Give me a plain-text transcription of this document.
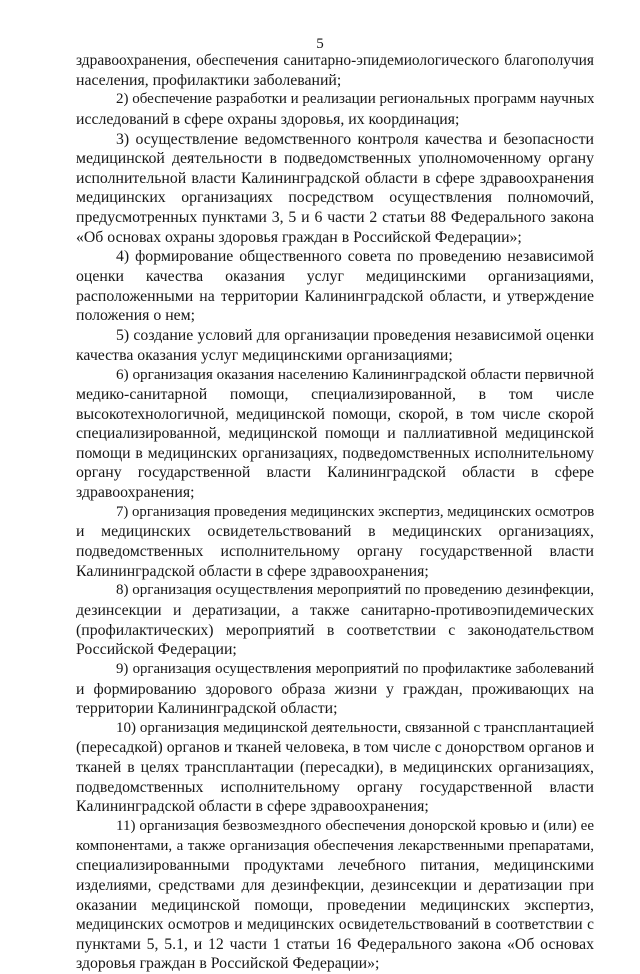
5
здравоохранения, обеспечения санитарно-эпидемиологического благополучия
населения, профилактики заболеваний;
2) обеспечение разработки и реализации региональных программ научных
исследований в сфере охраны здоровья, их координация;
3) осуществление ведомственного контроля качества и безопасности
медицинской деятельности в подведомственных уполномоченному органу
исполнительной власти Калининградской области в сфере здравоохранения
медицинских организациях посредством осуществления полномочий,
предусмотренных пунктами 3, 5 и 6 части 2 статьи 88 Федерального закона
«Об основах охраны здоровья граждан в Российской Федерации»;
4) формирование общественного совета по проведению независимой
оценки качества оказания услуг медицинскими организациями,
расположенными на территории Калининградской области, и утверждение
положения о нем;
5) создание условий для организации проведения независимой оценки
качества оказания услуг медицинскими организациями;
6) организация оказания населению Калининградской области первичной
медико-санитарной помощи, специализированной, в том числе
высокотехнологичной, медицинской помощи, скорой, в том числе скорой
специализированной, медицинской помощи и паллиативной медицинской
помощи в медицинских организациях, подведомственных исполнительному
органу государственной власти Калининградской области в сфере
здравоохранения;
7) организация проведения медицинских экспертиз, медицинских осмотров
и медицинских освидетельствований в медицинских организациях,
подведомственных исполнительному органу государственной власти
Калининградской области в сфере здравоохранения;
8) организация осуществления мероприятий по проведению дезинфекции,
дезинсекции и дератизации, а также санитарно-противоэпидемических
(профилактических) мероприятий в соответствии с законодательством
Российской Федерации;
9) организация осуществления мероприятий по профилактике заболеваний
и формированию здорового образа жизни у граждан, проживающих на
территории Калининградской области;
10) организация медицинской деятельности, связанной с трансплантацией
(пересадкой) органов и тканей человека, в том числе с донорством органов и
тканей в целях трансплантации (пересадки), в медицинских организациях,
подведомственных исполнительному органу государственной власти
Калининградской области в сфере здравоохранения;
11) организация безвозмездного обеспечения донорской кровью и (или) ее
компонентами, а также организация обеспечения лекарственными препаратами,
специализированными продуктами лечебного питания, медицинскими
изделиями, средствами для дезинфекции, дезинсекции и дератизации при
оказании медицинской помощи, проведении медицинских экспертиз,
медицинских осмотров и медицинских освидетельствований в соответствии с
пунктами 5, 5.1, и 12 части 1 статьи 16 Федерального закона «Об основах
здоровья граждан в Российской Федерации»;
